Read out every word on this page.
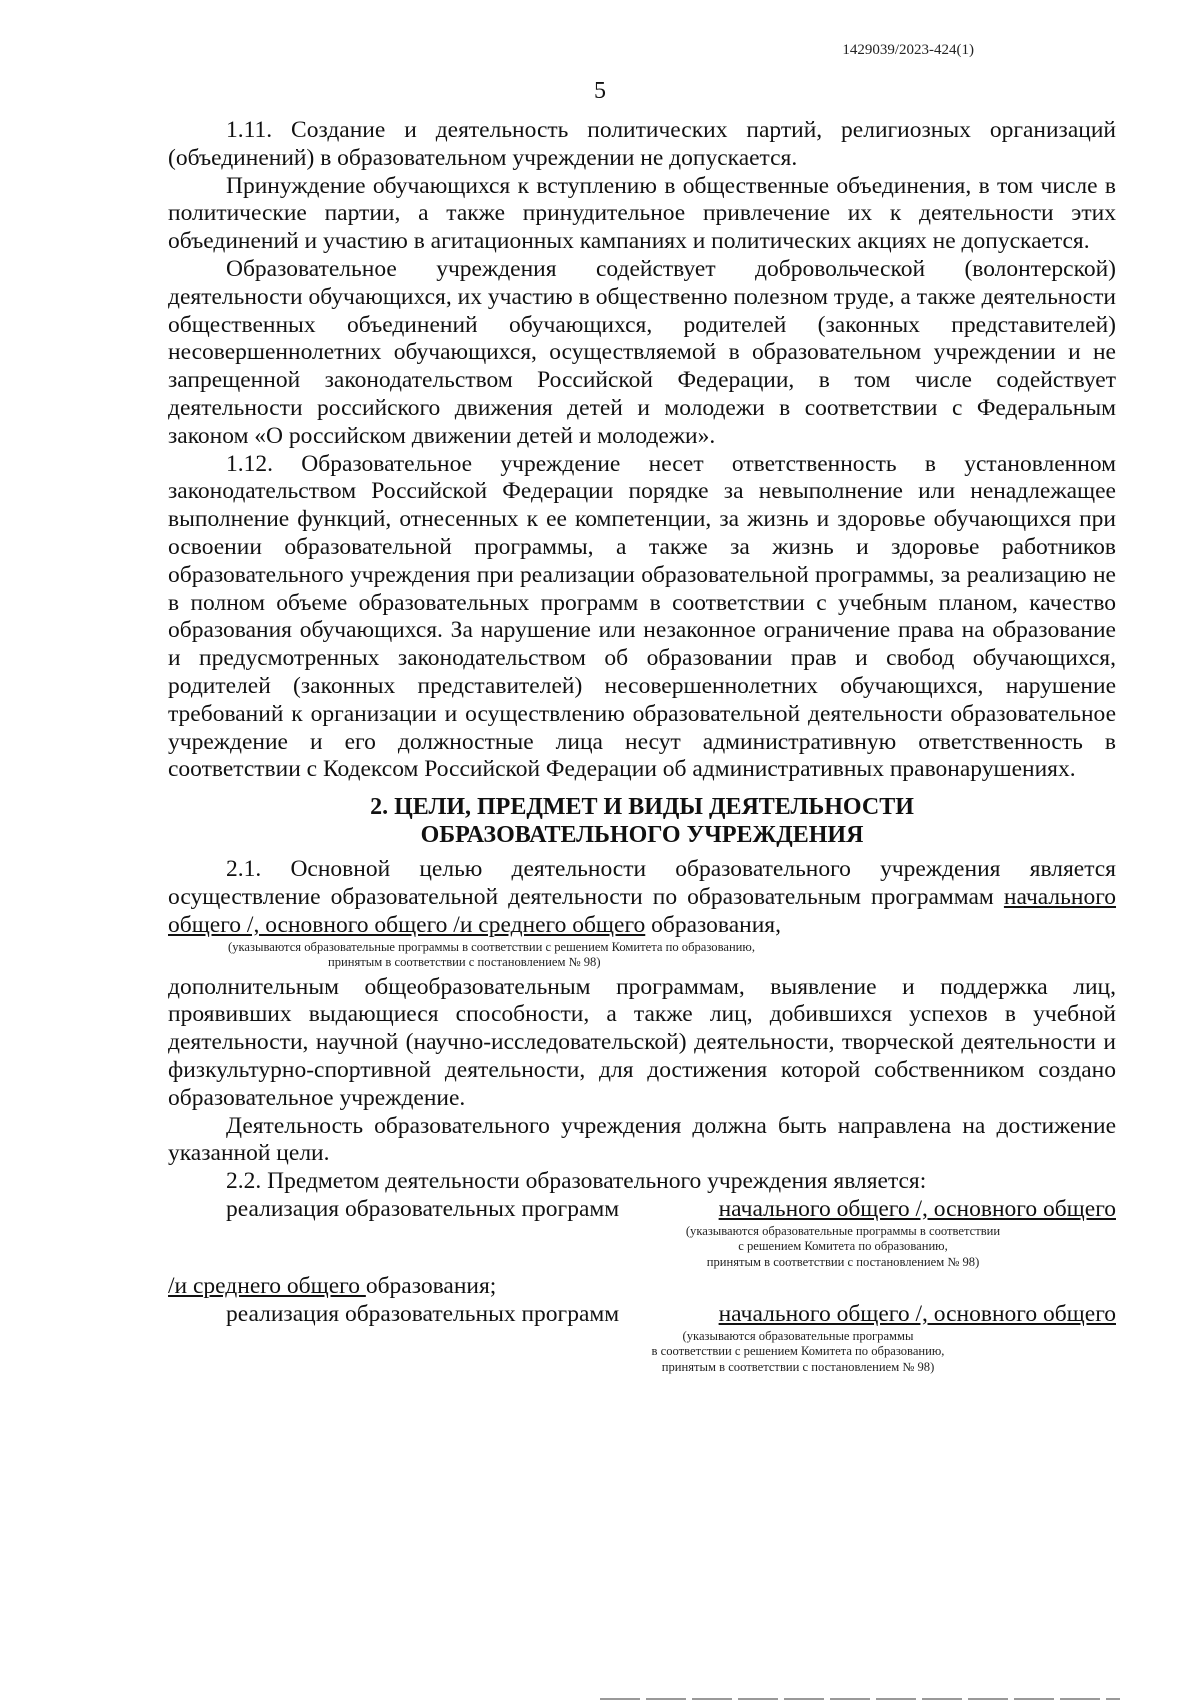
1429039/2023-424(1)
5

1.11. Создание и деятельность политических партий, религиозных организаций (объединений) в образовательном учреждении не допускается.

Принуждение обучающихся к вступлению в общественные объединения, в том числе в политические партии, а также принудительное привлечение их к деятельности этих объединений и участию в агитационных кампаниях и политических акциях не допускается.

Образовательное учреждения содействует добровольческой (волонтерской) деятельности обучающихся, их участию в общественно полезном труде, а также деятельности общественных объединений обучающихся, родителей (законных представителей) несовершеннолетних обучающихся, осуществляемой в образовательном учреждении и не запрещенной законодательством Российской Федерации, в том числе содействует деятельности российского движения детей и молодежи в соответствии с Федеральным законом «О российском движении детей и молодежи».

1.12. Образовательное учреждение несет ответственность в установленном законодательством Российской Федерации порядке за невыполнение или ненадлежащее выполнение функций, отнесенных к ее компетенции, за жизнь и здоровье обучающихся при освоении образовательной программы, а также за жизнь и здоровье работников образовательного учреждения при реализации образовательной программы, за реализацию не в полном объеме образовательных программ в соответствии с учебным планом, качество образования обучающихся. За нарушение или незаконное ограничение права на образование и предусмотренных законодательством об образовании прав и свобод обучающихся, родителей (законных представителей) несовершеннолетних обучающихся, нарушение требований к организации и осуществлению образовательной деятельности образовательное учреждение и его должностные лица несут административную ответственность в соответствии с Кодексом Российской Федерации об административных правонарушениях.

2. ЦЕЛИ, ПРЕДМЕТ И ВИДЫ ДЕЯТЕЛЬНОСТИ
ОБРАЗОВАТЕЛЬНОГО УЧРЕЖДЕНИЯ

2.1. Основной целью деятельности образовательного учреждения является осуществление образовательной деятельности по образовательным программам начального общего /, основного общего /и среднего общего образования,

(указываются образовательные программы в соответствии с решением Комитета по образованию,
принятым в соответствии с постановлением № 98)

дополнительным общеобразовательным программам, выявление и поддержка лиц, проявивших выдающиеся способности, а также лиц, добившихся успехов в учебной деятельности, научной (научно-исследовательской) деятельности, творческой деятельности и физкультурно-спортивной деятельности, для достижения которой собственником создано образовательное учреждение.

Деятельность образовательного учреждения должна быть направлена на достижение указанной цели.

2.2. Предметом деятельности образовательного учреждения является:

реализация образовательных программ	начального общего /, основного общего
(указываются образовательные программы в соответствии
с решением Комитета по образованию,
принятым в соответствии с постановлением № 98)

/и среднего общего образования;

реализация образовательных программ	начального общего /, основного общего
(указываются образовательные программы
в соответствии с решением Комитета по образованию,
принятым в соответствии с постановлением № 98)
